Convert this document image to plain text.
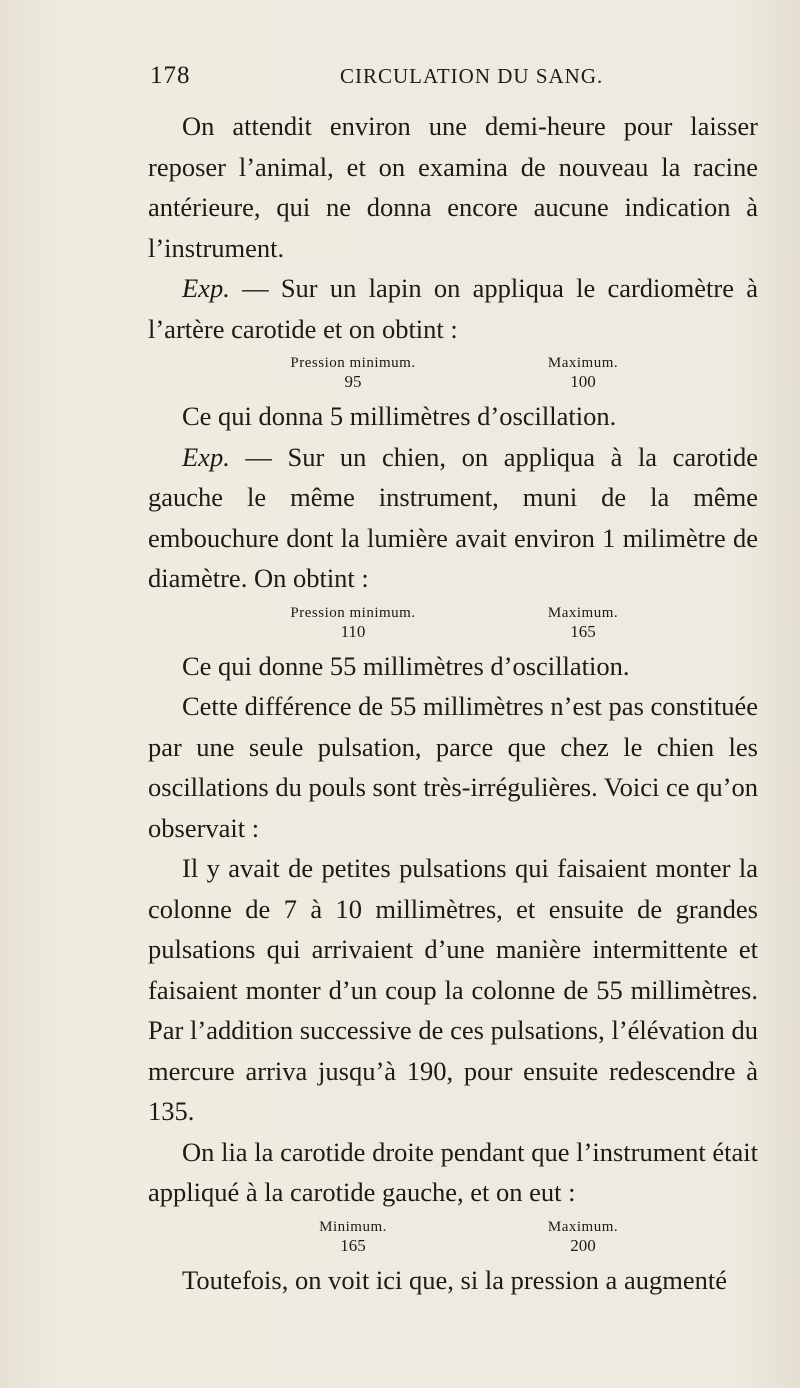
178	CIRCULATION DU SANG.

On attendit environ une demi-heure pour laisser reposer l’animal, et on examina de nouveau la racine antérieure, qui ne donna encore aucune indication à l’instrument.

Exp. — Sur un lapin on appliqua le cardiomètre à l’artère carotide et on obtint :

Pression minimum.
95
Maximum.
100

Ce qui donna 5 millimètres d’oscillation.

Exp. — Sur un chien, on appliqua à la carotide gauche le même instrument, muni de la même embouchure dont la lumière avait environ 1 milimètre de diamètre. On obtint :

Pression minimum.
110
Maximum.
165

Ce qui donne 55 millimètres d’oscillation.

Cette différence de 55 millimètres n’est pas constituée par une seule pulsation, parce que chez le chien les oscillations du pouls sont très-irrégulières. Voici ce qu’on observait :

Il y avait de petites pulsations qui faisaient monter la colonne de 7 à 10 millimètres, et ensuite de grandes pulsations qui arrivaient d’une manière intermittente et faisaient monter d’un coup la colonne de 55 millimètres. Par l’addition successive de ces pulsations, l’élévation du mercure arriva jusqu’à 190, pour ensuite redescendre à 135.

On lia la carotide droite pendant que l’instrument était appliqué à la carotide gauche, et on eut :

Minimum.
165
Maximum.
200

Toutefois, on voit ici que, si la pression a augmenté
